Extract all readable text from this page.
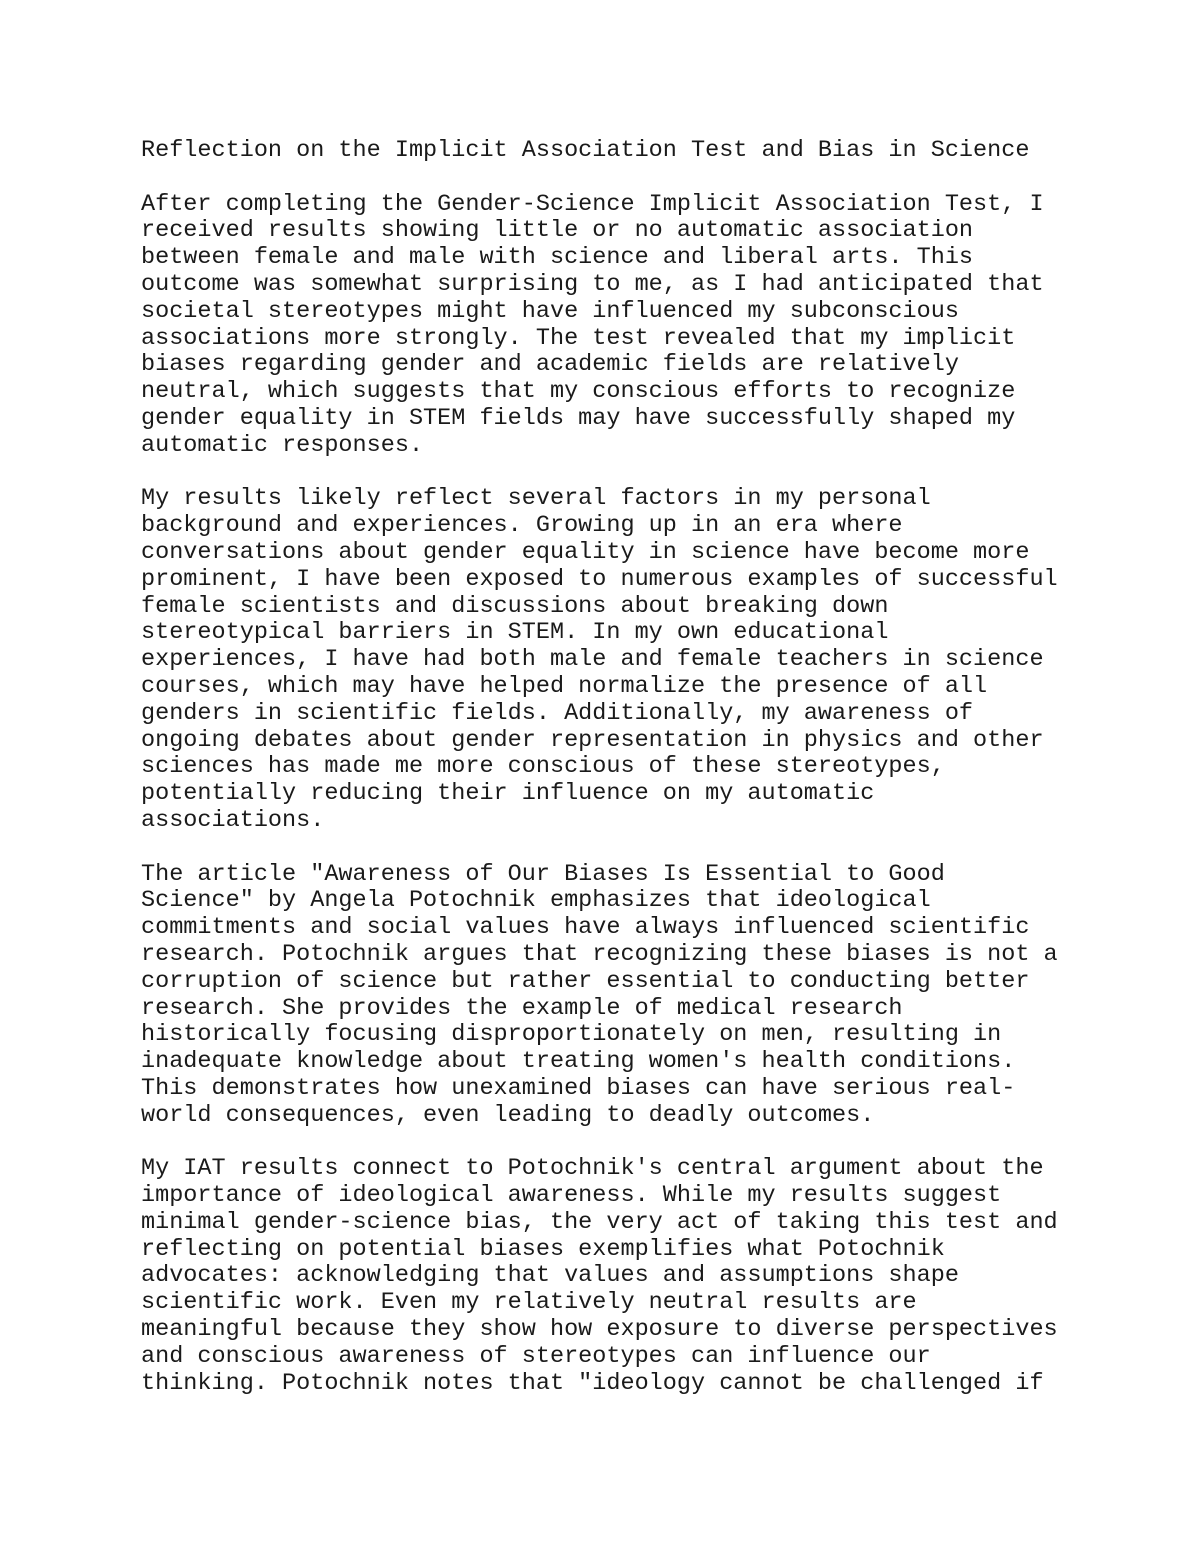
Reflection on the Implicit Association Test and Bias in Science
After completing the Gender-Science Implicit Association Test, I
received results showing little or no automatic association
between female and male with science and liberal arts. This
outcome was somewhat surprising to me, as I had anticipated that
societal stereotypes might have influenced my subconscious
associations more strongly. The test revealed that my implicit
biases regarding gender and academic fields are relatively
neutral, which suggests that my conscious efforts to recognize
gender equality in STEM fields may have successfully shaped my
automatic responses.
My results likely reflect several factors in my personal
background and experiences. Growing up in an era where
conversations about gender equality in science have become more
prominent, I have been exposed to numerous examples of successful
female scientists and discussions about breaking down
stereotypical barriers in STEM. In my own educational
experiences, I have had both male and female teachers in science
courses, which may have helped normalize the presence of all
genders in scientific fields. Additionally, my awareness of
ongoing debates about gender representation in physics and other
sciences has made me more conscious of these stereotypes,
potentially reducing their influence on my automatic
associations.
The article "Awareness of Our Biases Is Essential to Good
Science" by Angela Potochnik emphasizes that ideological
commitments and social values have always influenced scientific
research. Potochnik argues that recognizing these biases is not a
corruption of science but rather essential to conducting better
research. She provides the example of medical research
historically focusing disproportionately on men, resulting in
inadequate knowledge about treating women's health conditions.
This demonstrates how unexamined biases can have serious real-
world consequences, even leading to deadly outcomes.
My IAT results connect to Potochnik's central argument about the
importance of ideological awareness. While my results suggest
minimal gender-science bias, the very act of taking this test and
reflecting on potential biases exemplifies what Potochnik
advocates: acknowledging that values and assumptions shape
scientific work. Even my relatively neutral results are
meaningful because they show how exposure to diverse perspectives
and conscious awareness of stereotypes can influence our
thinking. Potochnik notes that "ideology cannot be challenged if
